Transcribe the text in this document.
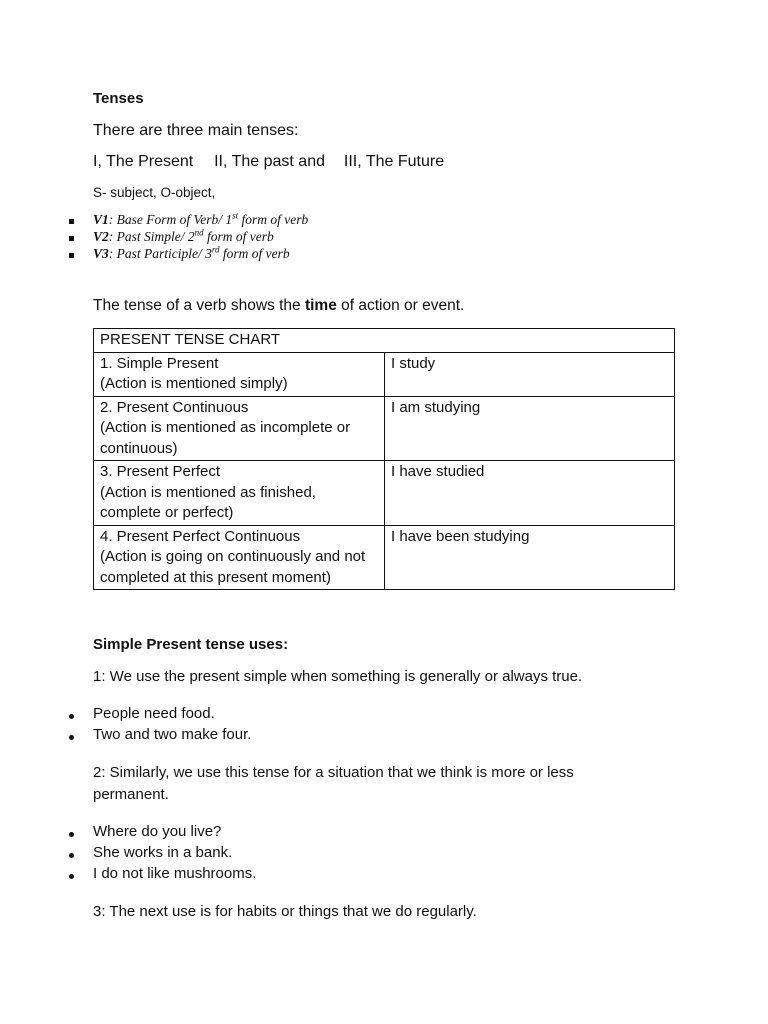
Tenses
There are three main tenses:
I, The Present II, The past and III, The Future
S- subject, O-object,
V1: Base Form of Verb/ 1st form of verb
V2: Past Simple/ 2nd form of verb
V3: Past Participle/ 3rd form of verb
The tense of a verb shows the time of action or event.
PRESENT TENSE CHART	

1. Simple Present
(Action is mentioned simply)	I study

2. Present Continuous
(Action is mentioned as incomplete or continuous)	I am studying

3. Present Perfect
(Action is mentioned as finished, complete or perfect)	I have studied

4. Present Perfect Continuous
(Action is going on continuously and not completed at this present moment)	I have been studying
Simple Present tense uses:
1: We use the present simple when something is generally or always true.
People need food.
Two and two make four.
2: Similarly, we use this tense for a situation that we think is more or less
permanent.
Where do you live?
She works in a bank.
I do not like mushrooms.
3: The next use is for habits or things that we do regularly.
